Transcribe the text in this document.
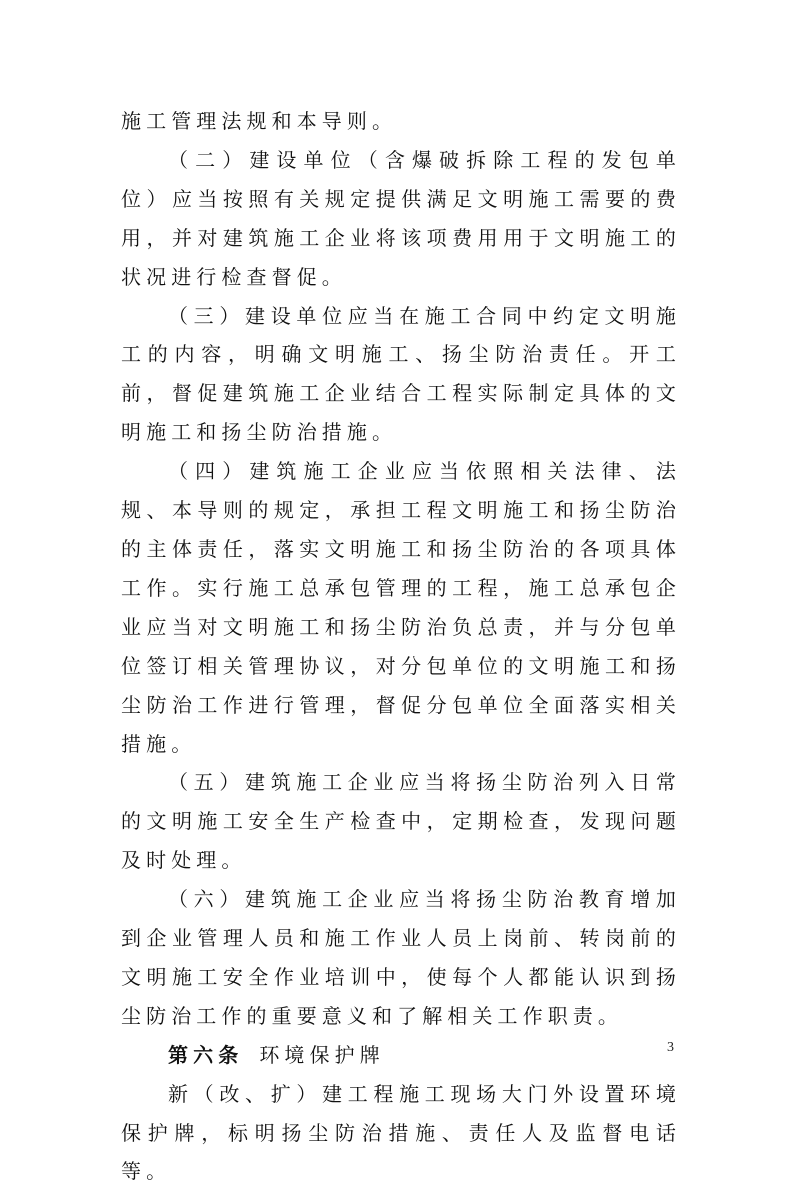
施工管理法规和本导则。

（二）建设单位（含爆破拆除工程的发包单位）应当按照有关规定提供满足文明施工需要的费用，并对建筑施工企业将该项费用用于文明施工的状况进行检查督促。

（三）建设单位应当在施工合同中约定文明施工的内容，明确文明施工、扬尘防治责任。开工前，督促建筑施工企业结合工程实际制定具体的文明施工和扬尘防治措施。

（四）建筑施工企业应当依照相关法律、法规、本导则的规定，承担工程文明施工和扬尘防治的主体责任，落实文明施工和扬尘防治的各项具体工作。实行施工总承包管理的工程，施工总承包企业应当对文明施工和扬尘防治负总责，并与分包单位签订相关管理协议，对分包单位的文明施工和扬尘防治工作进行管理，督促分包单位全面落实相关措施。

（五）建筑施工企业应当将扬尘防治列入日常的文明施工安全生产检查中，定期检查，发现问题及时处理。

（六）建筑施工企业应当将扬尘防治教育增加到企业管理人员和施工作业人员上岗前、转岗前的文明施工安全作业培训中，使每个人都能认识到扬尘防治工作的重要意义和了解相关工作职责。

第六条 环境保护牌

新（改、扩）建工程施工现场大门外设置环境保护牌，标明扬尘防治措施、责任人及监督电话等。

3
